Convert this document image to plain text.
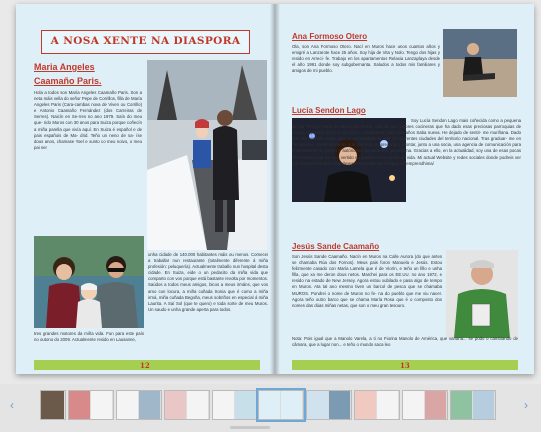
A NOSA XENTE NA DIASPORA
Maria Angeles
Caamaño Paris.
Hola a todos son María Angeles Caamaño Paris. Son a neta máis vella do señor Pepe de Corrillos, filla de María Angeles Paris (Cara-cambas nova de Viven ou Corrillo) e Antonio Caamaño Fernández (dos Carreiras de Serres). Naicín en Se-rres no ano 1979. Saín do meu que- rido Muros con 30 anos para Suiza porque coñecín a miña parella que vivía aquí. En Suiza é español e de pais españois de Ma- drid. Teño un neno de sa- íse dous anos, chamase Yoel e xunto co meu noivo, o meu pai ser
unha cidade de 140.000 habitantes máis ou menos. Comecei a traballar nun restaurante (totalmente diferente á miña profesión: peluquería). Actualmente traballo nun hospital desta cidade. En Suiza, eide o un pedacito da miña vida que comparto con vos porque está bastante revolta por momentos. Saúdos a todos meus amigos, bicos a meus irmáns, que vos amo con locura, a miña cuñada Sonia que é como a miña irmá, miña cuñada Begoña, meus sobriños en especial á miña Laurita. A Saí Sol (que te quero) e toda sorte de meu Muros. Un saudo e unha grande aperta para todos.
tres grandes motores da miña vida. Fun para este país no outono do 2009. Actualmente resido en Lausanne,
12
Ana Formoso Otero
Ola, son Ana Formoso Otero. Nací en Muros hace unos cuantos años y emigré a Lanzarote hace 25 años. Soy hija de Vita y Nolo. Tengo dos hijas y resido en Arreci- fe. Trabajo en los apartamentos Relaxia Lanzaplaya desde el año 1991 donde soy subgobernanta. Saludos a todos mis familiares y amigos de mi pueblo.
Lucía Sendon Lago
Soy Lucía Sendon Lago mais coñecida como a pequena de los "Roxos" Neta de María del Rocío, una de las mejores cocineras que ha dado esas preciosas parroquias de Muros, el pueblo que me vio nacer. Actualmente hace dos años Saba nueva. He dejado de sentir- me muriñana. Dado que me encanta viajar, tuve la oportunidad de vivir en diferentes ciudades del territorio nacional. Tras graduar- me en Periodismo, decidí lanzarme a la aventura empresarial y montar, junto a una socia, una agencia de comunicación para emprendedores, pymes y autónomos llamada Em- prendhima. Gracias a ello, en la actualidad, soy una de esas pocas afortunadas que ha con- vertido su pasión en su medio de vida. Mi actual Website y redes sociales donde podreis ver mis mejores trabajos: http://www.emprendhima.com/que-es-emprendhima/
Jesús Sande Caamaño
Son Jesús Sande Caamaño. Nacín en Muros na Calle Aurora (do que antes se chamaba Rúa dos Fornos). Meus pais foron Manuela e Jesús. Estou felizmente casado con María Lamela que é de Viorín, e teño un fillo e unha filla, que xa me deron dous netos. Marchei para os EE.UU. no ano 1972, e resido na estado de New Jersey. Agora estou xubilado e pasa algo de tempo en Muros. Ata tal ano mesmo tiven un barcol de pesca que se chamaba MUROS. Pondrei o nome de Muros no fe- na do pueblo que me viu nacer. Agora teño outro barco que se chama María Rosa que é o composto dos nomes das dúas miñas netas, que son o meu gran tesouro.
Nota: Pois igual que a Manolo Varela, a ti no Fiorina Manolo de América, que vanana... se podo o cambiando de câmara, que a lugar non... e teño o mundo saca leo
13
‹	›
